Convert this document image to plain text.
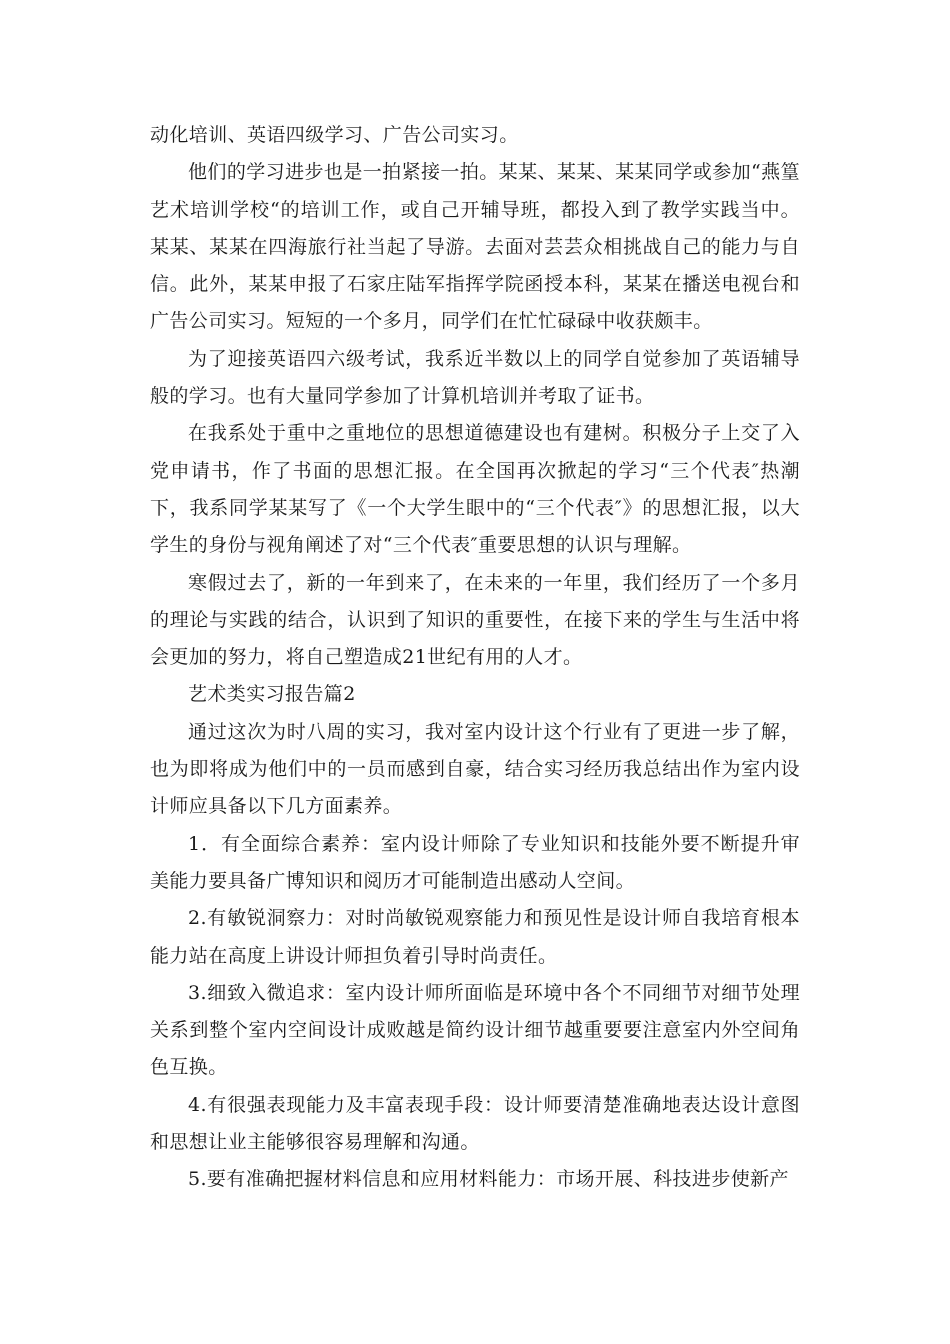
动化培训、英语四级学习、广告公司实习。

他们的学习进步也是一拍紧接一拍。某某、某某、某某同学或参加“燕篁艺术培训学校“的培训工作，或自己开辅导班，都投入到了教学实践当中。某某、某某在四海旅行社当起了导游。去面对芸芸众相挑战自己的能力与自信。此外，某某申报了石家庄陆军指挥学院函授本科，某某在播送电视台和广告公司实习。短短的一个多月，同学们在忙忙碌碌中收获颇丰。

为了迎接英语四六级考试，我系近半数以上的同学自觉参加了英语辅导般的学习。也有大量同学参加了计算机培训并考取了证书。

在我系处于重中之重地位的思想道德建设也有建树。积极分子上交了入党申请书，作了书面的思想汇报。在全国再次掀起的学习“三个代表″热潮下，我系同学某某写了《一个大学生眼中的“三个代表″》的思想汇报，以大学生的身份与视角阐述了对“三个代表″重要思想的认识与理解。

寒假过去了，新的一年到来了，在未来的一年里，我们经历了一个多月的理论与实践的结合，认识到了知识的重要性，在接下来的学生与生活中将会更加的努力，将自己塑造成21世纪有用的人才。

艺术类实习报告篇2

通过这次为时八周的实习，我对室内设计这个行业有了更进一步了解，也为即将成为他们中的一员而感到自豪，结合实习经历我总结出作为室内设计师应具备以下几方面素养。

1．有全面综合素养：室内设计师除了专业知识和技能外要不断提升审美能力要具备广博知识和阅历才可能制造出感动人空间。

2.有敏锐洞察力：对时尚敏锐观察能力和预见性是设计师自我培育根本能力站在高度上讲设计师担负着引导时尚责任。

3.细致入微追求：室内设计师所面临是环境中各个不同细节对细节处理关系到整个室内空间设计成败越是简约设计细节越重要要注意室内外空间角色互换。

4.有很强表现能力及丰富表现手段：设计师要清楚准确地表达设计意图和思想让业主能够很容易理解和沟通。

5.要有准确把握材料信息和应用材料能力：市场开展、科技进步使新产
